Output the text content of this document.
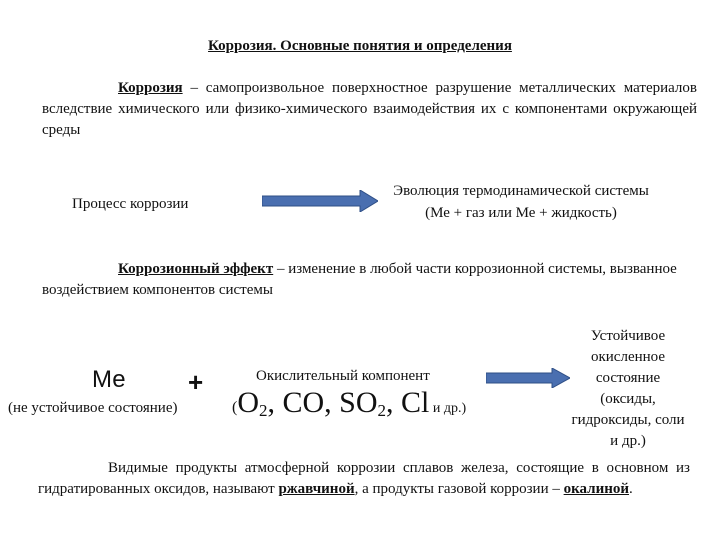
Коррозия. Основные понятия и определения
Коррозия – самопроизвольное поверхностное разрушение металлических материалов вследствие химического или физико-химического взаимодействия их с компонентами окружающей среды
Процесс коррозии
Эволюция термодинамической системы
(Ме + газ или Ме + жидкость)
Коррозионный эффект – изменение в любой части коррозионной системы, вызванное воздействием компонентов системы
Ме +
(не устойчивое состояние)
Окислительный компонент
($O_2$, CO, $SO_2$, Cl и др.)
Устойчивое
окисленное
состояние
(оксиды,
гидроксиды, соли
и др.)
Видимые продукты атмосферной коррозии сплавов железа, состоящие в основном из гидратированных оксидов, называют ржавчиной, а продукты газовой коррозии – окалиной.
